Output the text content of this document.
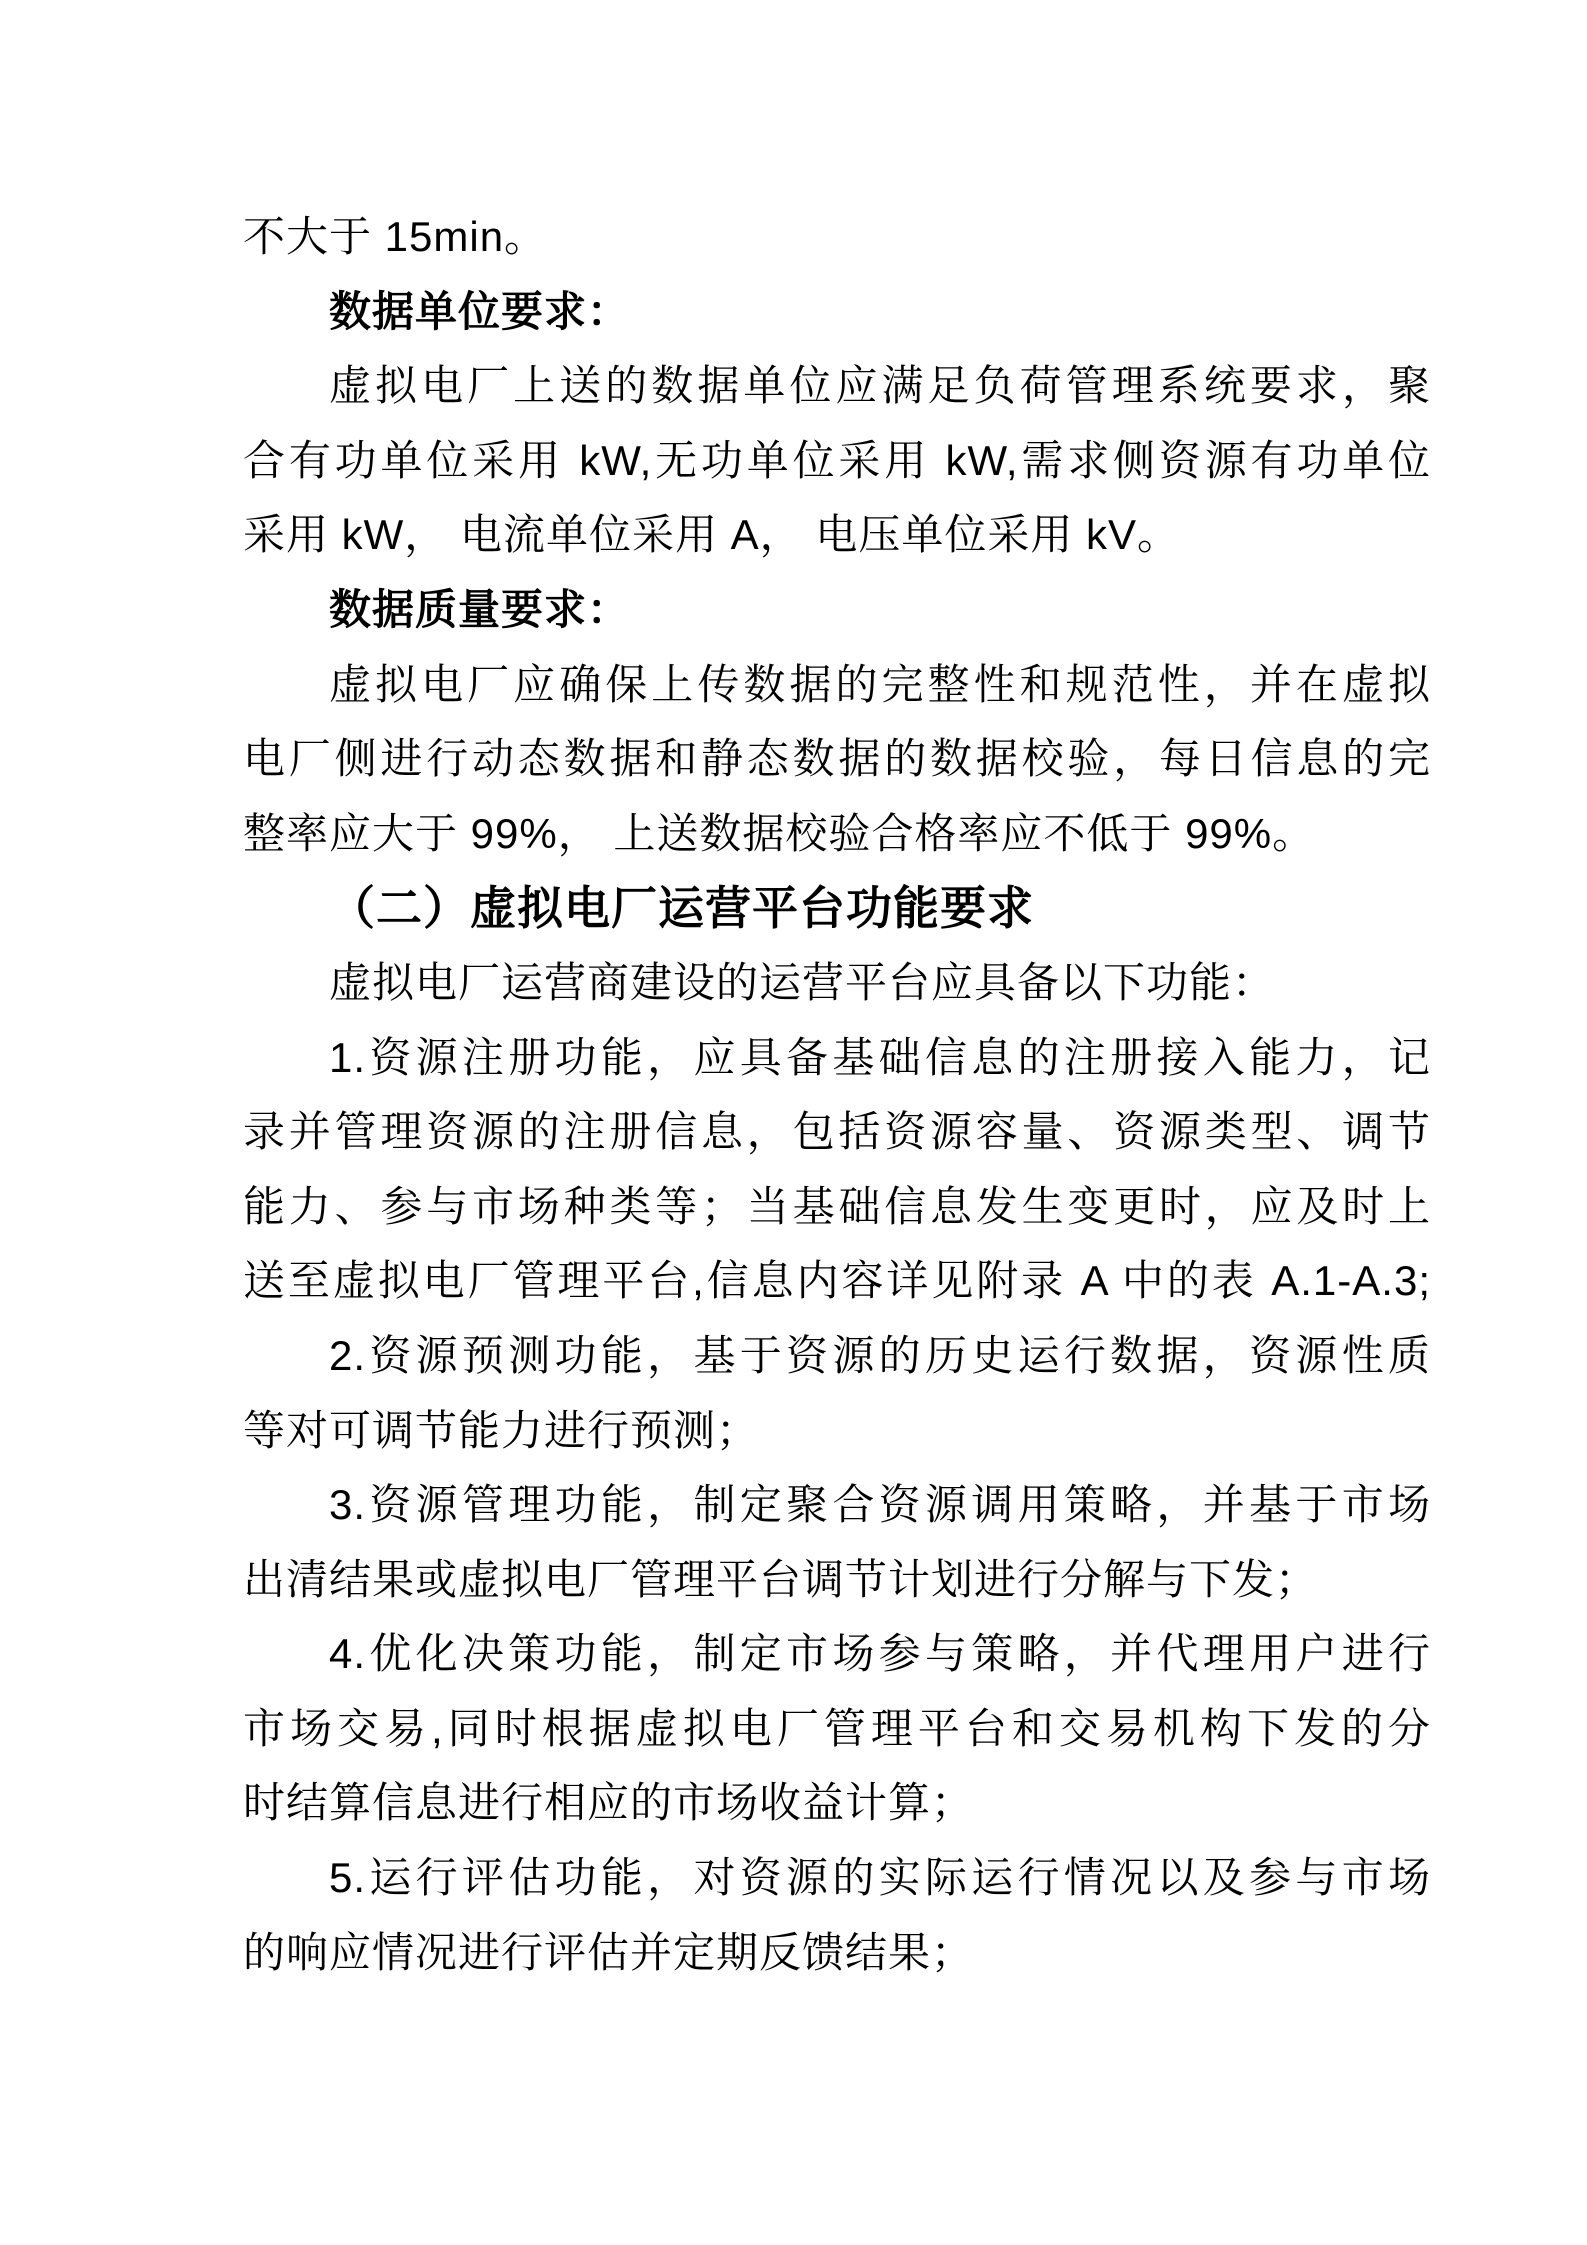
不大于 15min。
数据单位要求：
虚拟电厂上送的数据单位应满足负荷管理系统要求，聚
合有功单位采用 kW,无功单位采用 kW,需求侧资源有功单位
采用 kW， 电流单位采用 A， 电压单位采用 kV。
数据质量要求：
虚拟电厂应确保上传数据的完整性和规范性，并在虚拟
电厂侧进行动态数据和静态数据的数据校验，每日信息的完
整率应大于 99%， 上送数据校验合格率应不低于 99%。
（二）虚拟电厂运营平台功能要求
虚拟电厂运营商建设的运营平台应具备以下功能：
1.资源注册功能，应具备基础信息的注册接入能力，记
录并管理资源的注册信息，包括资源容量、资源类型、调节
能力、参与市场种类等；当基础信息发生变更时，应及时上
送至虚拟电厂管理平台,信息内容详见附录 A 中的表 A.1-A.3;
2.资源预测功能，基于资源的历史运行数据，资源性质
等对可调节能力进行预测；
3.资源管理功能，制定聚合资源调用策略，并基于市场
出清结果或虚拟电厂管理平台调节计划进行分解与下发；
4.优化决策功能，制定市场参与策略，并代理用户进行
市场交易,同时根据虚拟电厂管理平台和交易机构下发的分
时结算信息进行相应的市场收益计算；
5.运行评估功能，对资源的实际运行情况以及参与市场
的响应情况进行评估并定期反馈结果；
